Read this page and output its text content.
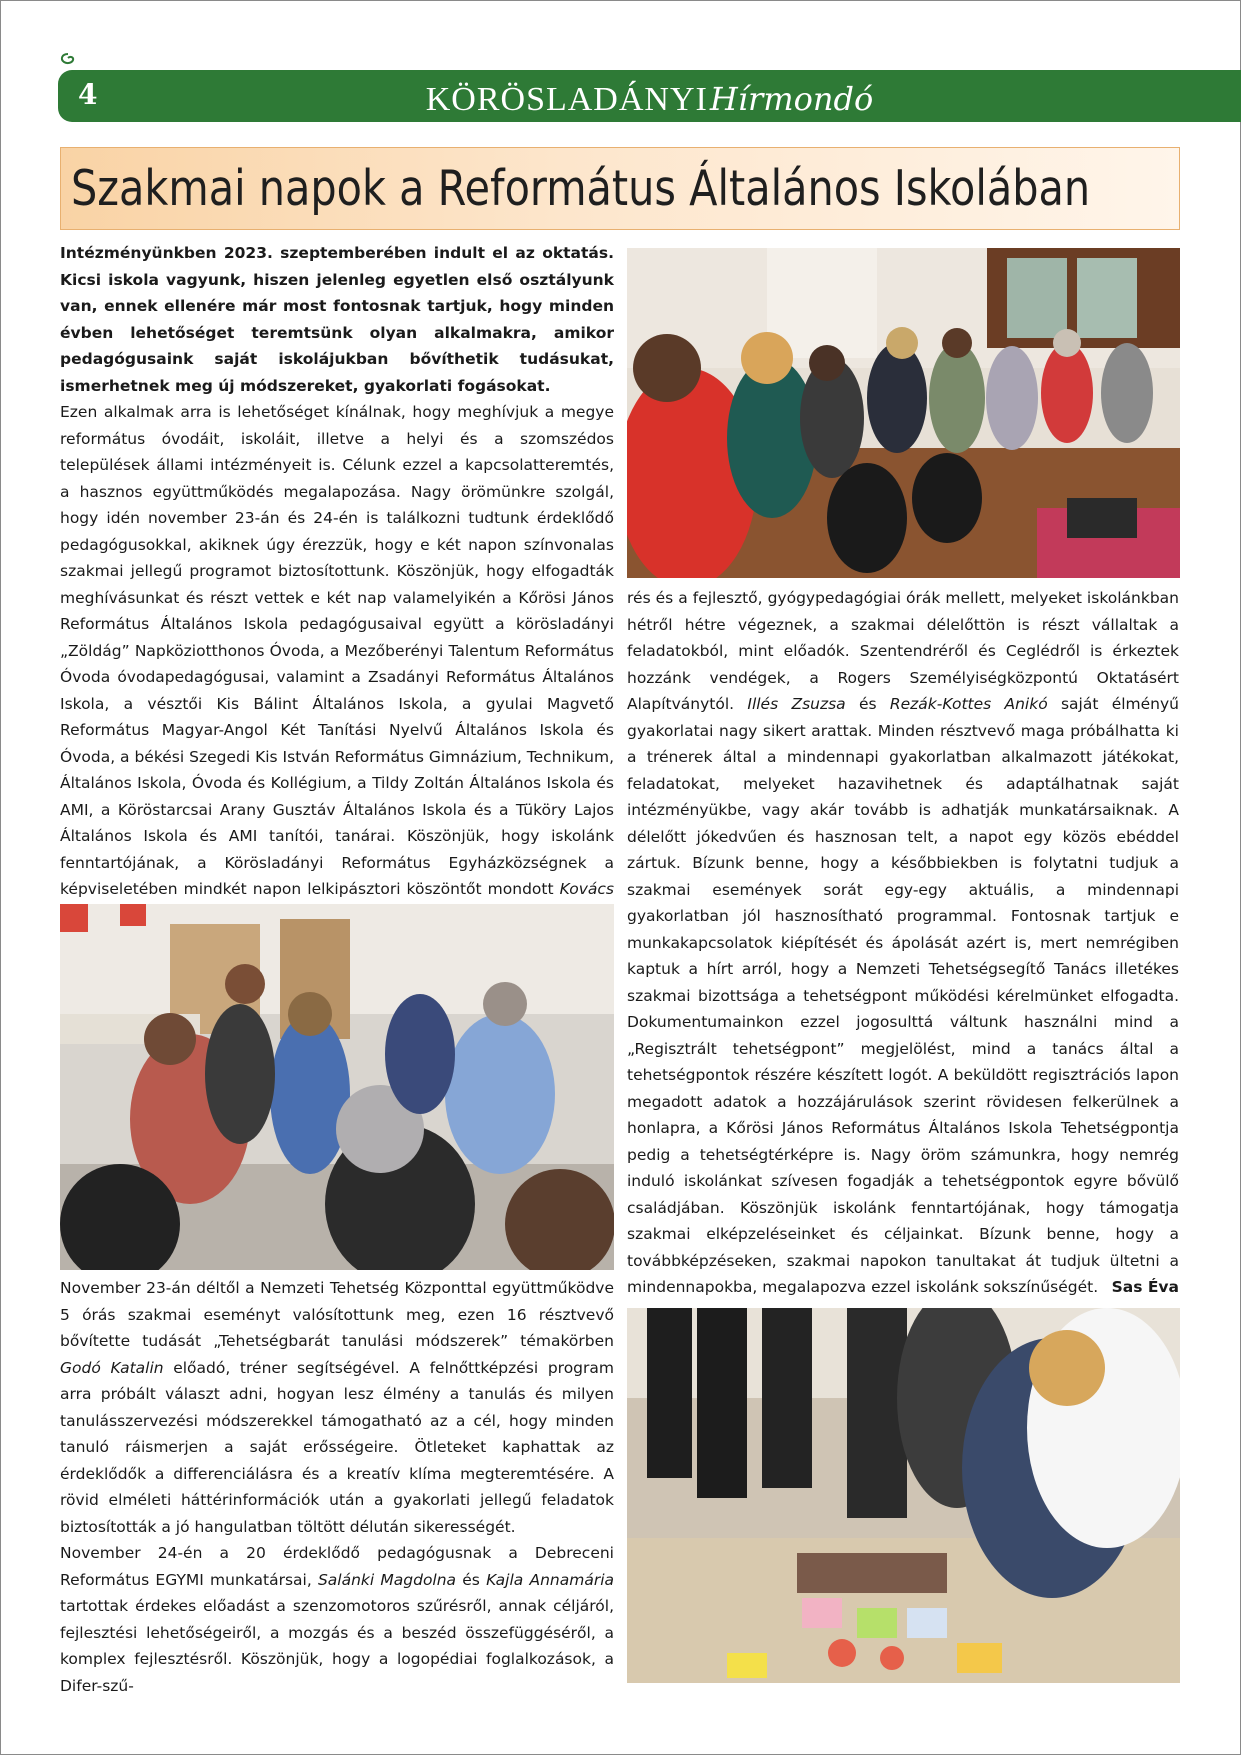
4	KÖRÖSLADÁNYIHírmondó
Szakmai napok a Református Általános Iskolában

Intézményünkben 2023. szeptemberében indult el az oktatás. Kicsi iskola vagyunk, hiszen jelenleg egyetlen első osztályunk van, ennek ellenére már most fontosnak tartjuk, hogy minden évben lehetőséget teremtsünk olyan alkalmakra, amikor pedagógusaink saját iskolájukban bővíthetik tudásukat, ismerhetnek meg új módszereket, gyakorlati fogásokat.

Ezen alkalmak arra is lehetőséget kínálnak, hogy meghívjuk a megye református óvodáit, iskoláit, illetve a helyi és a szomszédos települések állami intézményeit is. Célunk ezzel a kapcsolatteremtés, a hasznos együttműködés megalapozása. Nagy örömünkre szolgál, hogy idén november 23-án és 24-én is találkozni tudtunk érdeklődő pedagógusokkal, akiknek úgy érezzük, hogy e két napon színvonalas szakmai jellegű programot biztosítottunk. Köszönjük, hogy elfogadták meghívásunkat és részt vettek e két nap valamelyikén a Kőrösi János Református Általános Iskola pedagógusaival együtt a körösladányi „Zöldág” Napköziotthonos Óvoda, a Mezőberényi Talentum Református Óvoda óvodapedagógusai, valamint a Zsadányi Református Általános Iskola, a vésztői Kis Bálint Általános Iskola, a gyulai Magvető Református Magyar-Angol Két Tanítási Nyelvű Általános Iskola és Óvoda, a békési Szegedi Kis István Református Gimnázium, Technikum, Általános Iskola, Óvoda és Kollégium, a Tildy Zoltán Általános Iskola és AMI, a Köröstarcsai Arany Gusztáv Általános Iskola és a Tüköry Lajos Általános Iskola és AMI tanítói, tanárai. Köszönjük, hogy iskolánk fenntartójának, a Körösladányi Református Egyházközségnek a képviseletében mindkét napon lelkipásztori köszöntőt mondott Kovács

November 23-án déltől a Nemzeti Tehetség Központtal együttműködve 5 órás szakmai eseményt valósítottunk meg, ezen 16 résztvevő bővítette tudását „Tehetségbarát tanulási módszerek” témakörben Godó Katalin előadó, tréner segítségével. A felnőttképzési program arra próbált választ adni, hogyan lesz élmény a tanulás és milyen tanulásszervezési módszerekkel támogatható az a cél, hogy minden tanuló ráismerjen a saját erősségeire. Ötleteket kaphattak az érdeklődők a differenciálásra és a kreatív klíma megteremtésére. A rövid elméleti háttérinformációk után a gyakorlati jellegű feladatok biztosították a jó hangulatban töltött délután sikerességét.

November 24-én a 20 érdeklődő pedagógusnak a Debreceni Református EGYMI munkatársai, Salánki Magdolna és Kajla Annamária tartottak érdekes előadást a szenzomotoros szűrésről, annak céljáról, fejlesztési lehetőségeiről, a mozgás és a beszéd összefüggéséről, a komplex fejlesztésről. Köszönjük, hogy a logopédiai foglalkozások, a Difer-szű-

rés és a fejlesztő, gyógypedagógiai órák mellett, melyeket iskolánkban hétről hétre végeznek, a szakmai délelőttön is részt vállaltak a feladatokból, mint előadók. Szentendréről és Ceglédről is érkeztek hozzánk vendégek, a Rogers Személyiségközpontú Oktatásért Alapítványtól. Illés Zsuzsa és Rezák-Kottes Anikó saját élményű gyakorlatai nagy sikert arattak. Minden résztvevő maga próbálhatta ki a trénerek által a mindennapi gyakorlatban alkalmazott játékokat, feladatokat, melyeket hazavihetnek és adaptálhatnak saját intézményükbe, vagy akár tovább is adhatják munkatársaiknak. A délelőtt jókedvűen és hasznosan telt, a napot egy közös ebéddel zártuk. Bízunk benne, hogy a későbbiekben is folytatni tudjuk a szakmai események sorát egy-egy aktuális, a mindennapi gyakorlatban jól hasznosítható programmal. Fontosnak tartjuk e munkakapcsolatok kiépítését és ápolását azért is, mert nemrégiben kaptuk a hírt arról, hogy a Nemzeti Tehetségsegítő Tanács illetékes szakmai bizottsága a tehetségpont működési kérelmünket elfogadta. Dokumentumainkon ezzel jogosulttá váltunk használni mind a „Regisztrált tehetségpont” megjelölést, mind a tanács által a tehetségpontok részére készített logót. A beküldött regisztrációs lapon megadott adatok a hozzájárulások szerint rövidesen felkerülnek a honlapra, a Kőrösi János Református Általános Iskola Tehetségpontja pedig a tehetségtérképre is. Nagy öröm számunkra, hogy nemrég induló iskolánkat szívesen fogadják a tehetségpontok egyre bővülő családjában. Köszönjük iskolánk fenntartójának, hogy támogatja szakmai elképzeléseinket és céljainkat. Bízunk benne, hogy a továbbképzéseken, szakmai napokon tanultakat át tudjuk ültetni a mindennapokba, megalapozva ezzel iskolánk sokszínűségét. Sas Éva
